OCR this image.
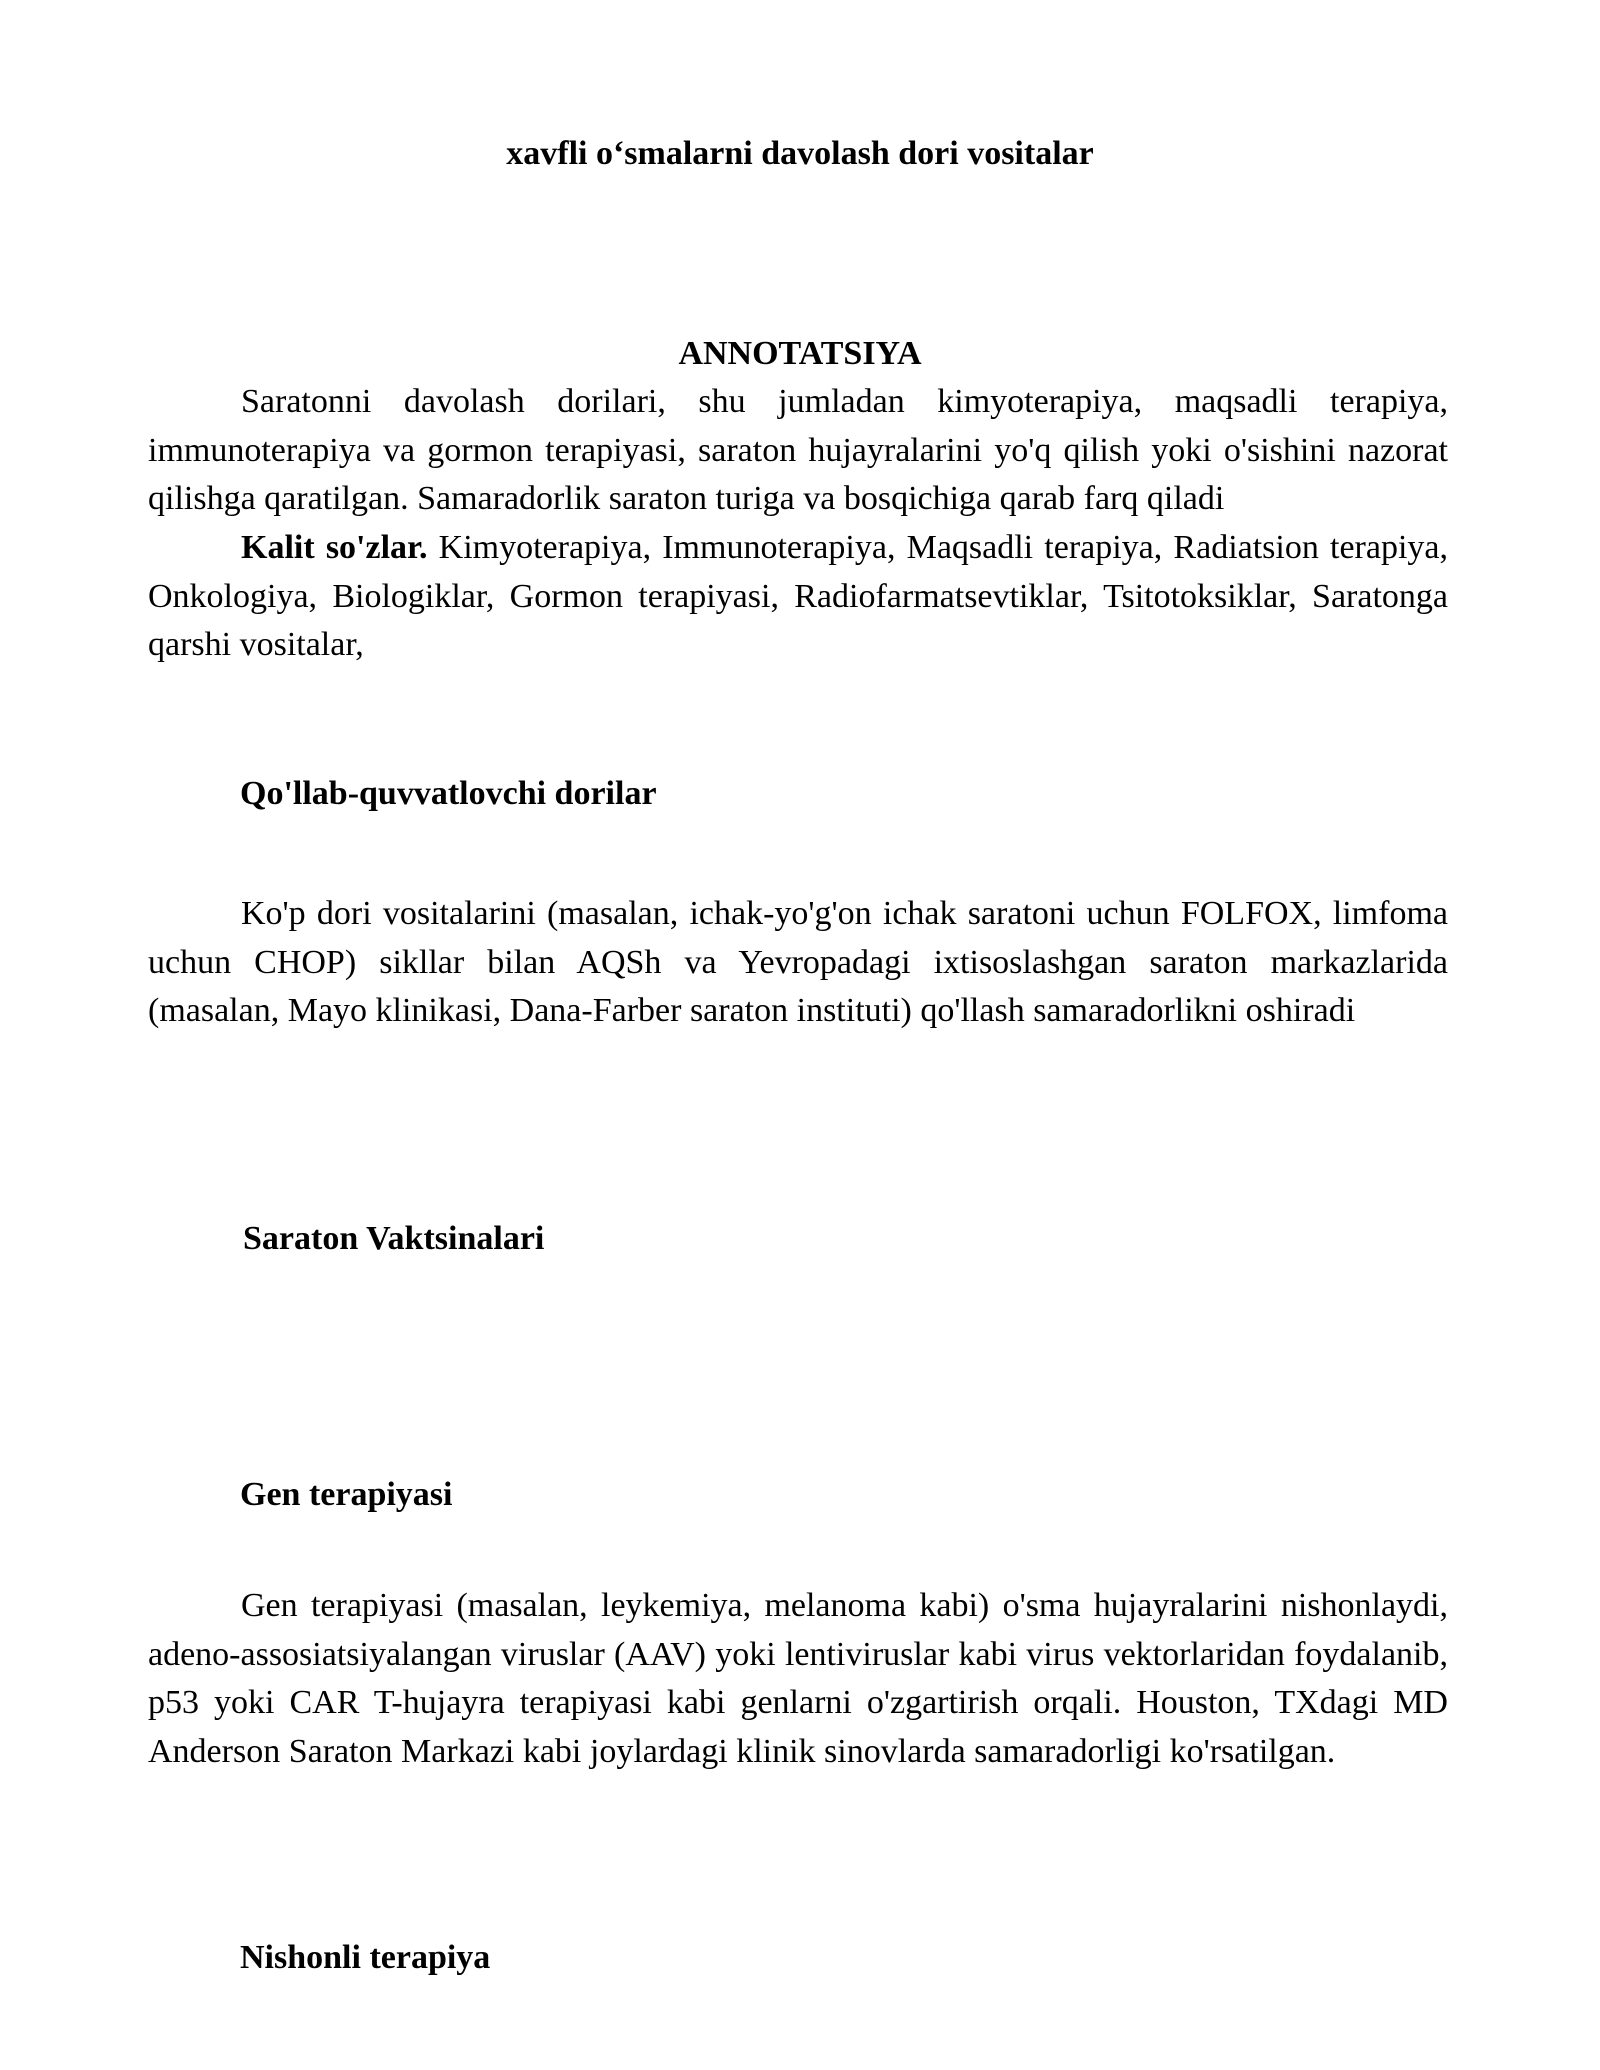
xavfli o‘smalarni davolash dori vositalar
ANNOTATSIYA

Saratonni davolash dorilari, shu jumladan kimyoterapiya, maqsadli terapiya, immunoterapiya va gormon terapiyasi, saraton hujayralarini yo'q qilish yoki o'sishini nazorat qilishga qaratilgan. Samaradorlik saraton turiga va bosqichiga qarab farq qiladi

Kalit so'zlar. Kimyoterapiya, Immunoterapiya, Maqsadli terapiya, Radiatsion terapiya, Onkologiya, Biologiklar, Gormon terapiyasi, Radiofarmatsevtiklar, Tsitotoksiklar, Saratonga qarshi vositalar,

Qo'llab-quvvatlovchi dorilar

Ko'p dori vositalarini (masalan, ichak-yo'g'on ichak saratoni uchun FOLFOX, limfoma uchun CHOP) sikllar bilan AQSh va Yevropadagi ixtisoslashgan saraton markazlarida (masalan, Mayo klinikasi, Dana-Farber saraton instituti) qo'llash samaradorlikni oshiradi

Saraton Vaktsinalari
Gen terapiyasi

Gen terapiyasi (masalan, leykemiya, melanoma kabi) o'sma hujayralarini nishonlaydi, adeno-assosiatsiyalangan viruslar (AAV) yoki lentiviruslar kabi virus vektorlaridan foydalanib, p53 yoki CAR T-hujayra terapiyasi kabi genlarni o'zgartirish orqali. Houston, TXdagi MD Anderson Saraton Markazi kabi joylardagi klinik sinovlarda samaradorligi ko'rsatilgan.

Nishonli terapiya
